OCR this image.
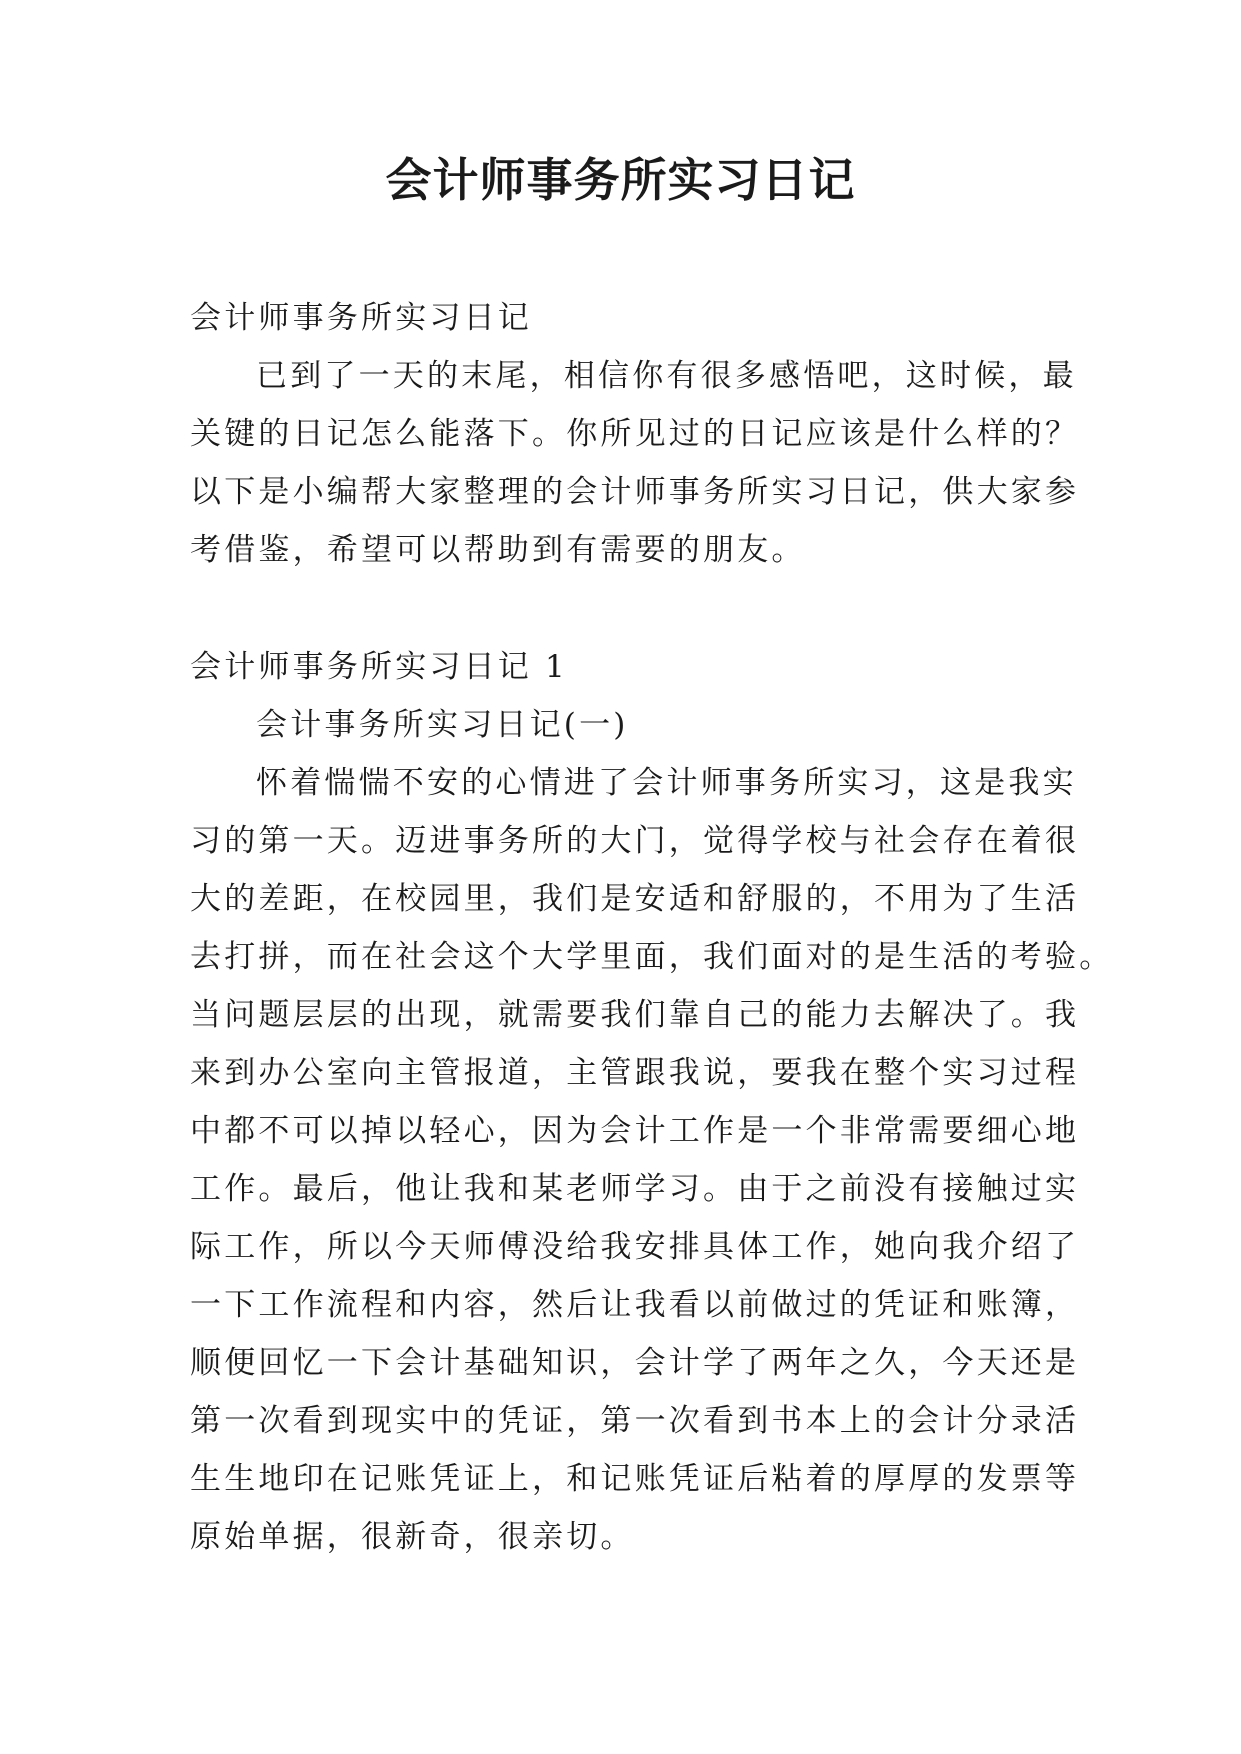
会计师事务所实习日记
会计师事务所实习日记
已到了一天的末尾，相信你有很多感悟吧，这时候，最
关键的日记怎么能落下。你所见过的日记应该是什么样的？
以下是小编帮大家整理的会计师事务所实习日记，供大家参
考借鉴，希望可以帮助到有需要的朋友。
会计师事务所实习日记 1
会计事务所实习日记(一)
怀着惴惴不安的心情进了会计师事务所实习，这是我实
习的第一天。迈进事务所的大门，觉得学校与社会存在着很
大的差距，在校园里，我们是安适和舒服的，不用为了生活
去打拼，而在社会这个大学里面，我们面对的是生活的考验。
当问题层层的出现，就需要我们靠自己的能力去解决了。我
来到办公室向主管报道，主管跟我说，要我在整个实习过程
中都不可以掉以轻心，因为会计工作是一个非常需要细心地
工作。最后，他让我和某老师学习。由于之前没有接触过实
际工作，所以今天师傅没给我安排具体工作，她向我介绍了
一下工作流程和内容，然后让我看以前做过的凭证和账簿，
顺便回忆一下会计基础知识，会计学了两年之久，今天还是
第一次看到现实中的凭证，第一次看到书本上的会计分录活
生生地印在记账凭证上，和记账凭证后粘着的厚厚的发票等
原始单据，很新奇，很亲切。
